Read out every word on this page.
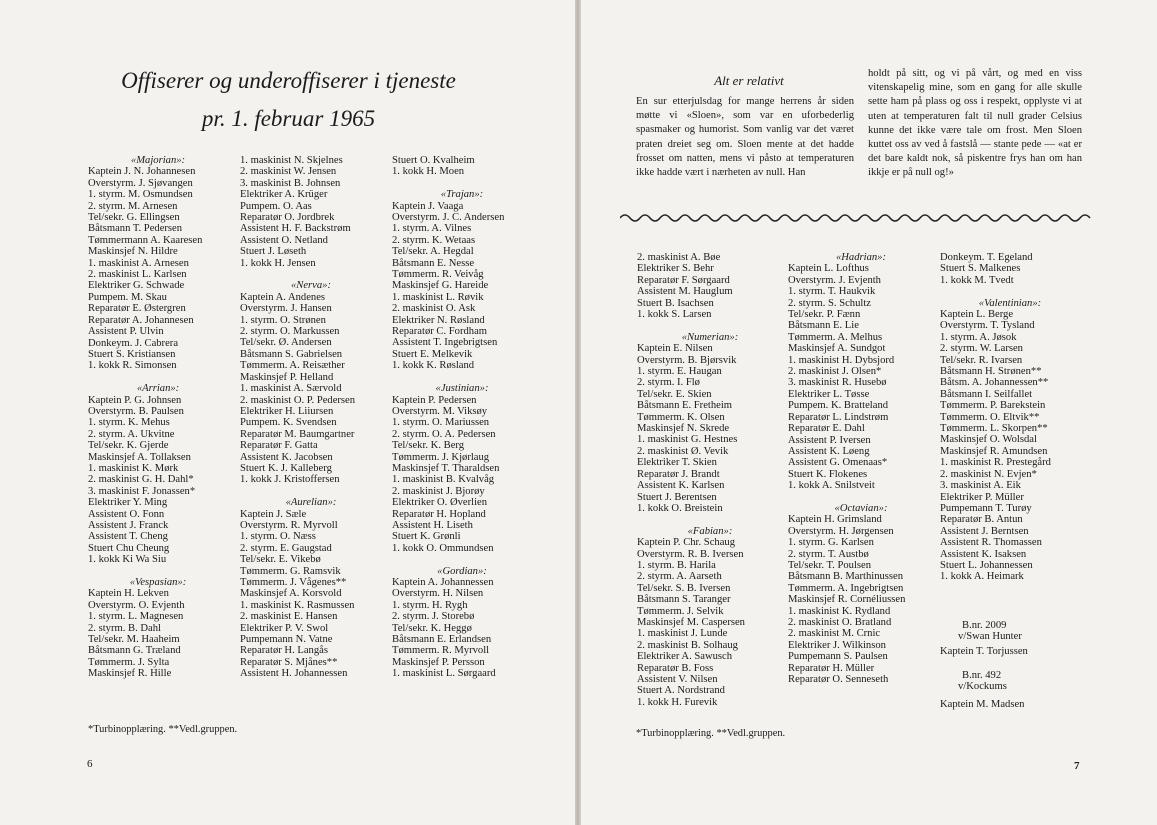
Offiserer og underoffiserer i tjeneste
pr. 1. februar 1965
«Majorian»:
Kaptein J. N. Johannesen
Overstyrm. J. Sjøvangen
1. styrm. M. Osmundsen
2. styrm. M. Arnesen
Tel/sekr. G. Ellingsen
Båtsmann T. Pedersen
Tømmermann A. Kaaresen
Maskinsjef N. Hildre
1. maskinist A. Arnesen
2. maskinist L. Karlsen
Elektriker G. Schwade
Pumpem. M. Skau
Reparatør E. Østergren
Reparatør A. Johannesen
Assistent P. Ulvin
Donkeym. J. Cabrera
Stuert S. Kristiansen
1. kokk R. Simonsen
«Arrian»:
Kaptein P. G. Johnsen
Overstyrm. B. Paulsen
1. styrm. K. Mehus
2. styrm. A. Ukvitne
Tel/sekr. K. Gjerde
Maskinsjef A. Tollaksen
1. maskinist K. Mørk
2. maskinist G. H. Dahl*
3. maskinist F. Jonassen*
Elektriker Y. Ming
Assistent O. Fonn
Assistent J. Franck
Assistent T. Cheng
Stuert Chu Cheung
1. kokk Ki Wa Siu
«Vespasian»:
Kaptein H. Lekven
Overstyrm. O. Evjenth
1. styrm. L. Magnesen
2. styrm. B. Dahl
Tel/sekr. M. Haaheim
Båtsmann G. Træland
Tømmerm. J. Sylta
Maskinsjef R. Hille
1. maskinist N. Skjelnes
2. maskinist W. Jensen
3. maskinist B. Johnsen
Elektriker A. Krüger
Pumpem. O. Aas
Reparatør O. Jordbrek
Assistent H. F. Backstrøm
Assistent O. Netland
Stuert J. Løseth
1. kokk H. Jensen
«Nerva»:
Kaptein A. Andenes
Overstyrm. J. Hansen
1. styrm. O. Strønen
2. styrm. O. Markussen
Tel/sekr. Ø. Andersen
Båtsmann S. Gabrielsen
Tømmerm. A. Reisæther
Maskinsjef P. Helland
1. maskinist A. Særvold
2. maskinist O. P. Pedersen
Elektriker H. Liiursen
Pumpem. K. Svendsen
Reparatør M. Baumgartner
Reparatør F. Gatta
Assistent K. Jacobsen
Stuert K. J. Kalleberg
1. kokk J. Kristoffersen
«Aurelian»:
Kaptein J. Sæle
Overstyrm. R. Myrvoll
1. styrm. O. Næss
2. styrm. E. Gaugstad
Tel/sekr. E. Vikebø
Tømmerm. G. Ramsvik
Tømmerm. J. Vågenes**
Maskinsjef A. Korsvold
1. maskinist K. Rasmussen
2. maskinist E. Hansen
Elektriker P. V. Swol
Pumpemann N. Vatne
Reparatør H. Langås
Reparatør S. Mjånes**
Assistent H. Johannessen
Stuert O. Kvalheim
1. kokk H. Moen
«Trajan»:
Kaptein J. Vaaga
Overstyrm. J. C. Andersen
1. styrm. A. Vilnes
2. styrm. K. Wetaas
Tel/sekr. A. Hegdal
Båtsmann E. Nesse
Tømmerm. R. Veivåg
Maskinsjef G. Hareide
1. maskinist L. Røvik
2. maskinist O. Ask
Elektriker N. Røsland
Reparatør C. Fordham
Assistent T. Ingebrigtsen
Stuert E. Melkevik
1. kokk K. Røsland
«Justinian»:
Kaptein P. Pedersen
Overstyrm. M. Viksøy
1. styrm. O. Mariussen
2. styrm. O. A. Pedersen
Tel/sekr. K. Berg
Tømmerm. J. Kjørlaug
Maskinsjef T. Tharaldsen
1. maskinist B. Kvalvåg
2. maskinist J. Bjorøy
Elektriker O. Øverlien
Reparatør H. Hopland
Assistent H. Liseth
Stuert K. Grønli
1. kokk O. Ommundsen
«Gordian»:
Kaptein A. Johannessen
Overstyrm. H. Nilsen
1. styrm. H. Rygh
2. styrm. J. Storebø
Tel/sekr. K. Heggø
Båtsmann E. Erlandsen
Tømmerm. R. Myrvoll
Maskinsjef P. Persson
1. maskinist L. Sørgaard
*Turbinopplæring. **Vedl.gruppen.
6
Alt er relativt
En sur etterjulsdag for mange herrens år siden møtte vi «Sloen», som var en uforbederlig spasmaker og humorist. Som vanlig var det været praten dreiet seg om. Sloen mente at det hadde frosset om natten, mens vi påsto at temperaturen ikke hadde vært i nærheten av null. Han
holdt på sitt, og vi på vårt, og med en viss vitenskapelig mine, som en gang for alle skulle sette ham på plass og oss i respekt, opplyste vi at uten at temperaturen falt til null grader Celsius kunne det ikke være tale om frost. Men Sloen kuttet oss av ved å fastslå — stante pede — «at er det bare kaldt nok, så piskentre frys han om han ikkje er på null og!»
2. maskinist A. Bøe
Elektriker S. Behr
Reparatør F. Sørgaard
Assistent M. Hauglum
Stuert B. Isachsen
1. kokk S. Larsen
«Numerian»:
Kaptein E. Nilsen
Overstyrm. B. Bjørsvik
1. styrm. E. Haugan
2. styrm. I. Flø
Tel/sekr. E. Skien
Båtsmann E. Fretheim
Tømmerm. K. Olsen
Maskinsjef N. Skrede
1. maskinist G. Hestnes
2. maskinist Ø. Vevik
Elektriker T. Skien
Reparatør J. Brandt
Assistent K. Karlsen
Stuert J. Berentsen
1. kokk O. Breistein
«Fabian»:
Kaptein P. Chr. Schaug
Overstyrm. R. B. Iversen
1. styrm. B. Harila
2. styrm. A. Aarseth
Tel/sekr. S. B. Iversen
Båtsmann S. Taranger
Tømmerm. J. Selvik
Maskinsjef M. Caspersen
1. maskinist J. Lunde
2. maskinist B. Solhaug
Elektriker A. Sawusch
Reparatør B. Foss
Assistent V. Nilsen
Stuert A. Nordstrand
1. kokk H. Furevik
«Hadrian»:
Kaptein L. Lofthus
Overstyrm. J. Evjenth
1. styrm. T. Haukvik
2. styrm. S. Schultz
Tel/sekr. P. Fænn
Båtsmann E. Lie
Tømmerm. A. Melhus
Maskinsjef A. Sundgot
1. maskinist H. Dybsjord
2. maskinist J. Olsen*
3. maskinist R. Husebø
Elektriker L. Tøsse
Pumpem. K. Bratteland
Reparatør L. Lindstrøm
Reparatør E. Dahl
Assistent P. Iversen
Assistent K. Løeng
Assistent G. Omenaas*
Stuert K. Flokenes
1. kokk A. Snilstveit
«Octavian»:
Kaptein H. Grimsland
Overstyrm. H. Jørgensen
1. styrm. G. Karlsen
2. styrm. T. Austbø
Tel/sekr. T. Poulsen
Båtsmann B. Marthinussen
Tømmerm. A. Ingebrigtsen
Maskinsjef R. Cornéliussen
1. maskinist K. Rydland
2. maskinist O. Bratland
2. maskinist M. Crnic
Elektriker J. Wilkinson
Pumpemann S. Paulsen
Reparatør H. Müller
Reparatør O. Senneseth
Donkeym. T. Egeland
Stuert S. Malkenes
1. kokk M. Tvedt
«Valentinian»:
Kaptein L. Berge
Overstyrm. T. Tysland
1. styrm. A. Jøsok
2. styrm. W. Larsen
Tel/sekr. R. Ivarsen
Båtsmann H. Strønen**
Båtsm. A. Johannessen**
Båtsmann I. Seilfallet
Tømmerm. P. Barekstein
Tømmerm. O. Eltvik**
Tømmerm. L. Skorpen**
Maskinsjef O. Wolsdal
Maskinsjef R. Amundsen
1. maskinist R. Prestegård
2. maskinist N. Evjen*
3. maskinist A. Eik
Elektriker P. Müller
Pumpemann T. Turøy
Reparatør B. Antun
Assistent J. Berntsen
Assistent R. Thomassen
Assistent K. Isaksen
Stuert L. Johannessen
1. kokk A. Heimark
B.nr. 2009
v/Swan Hunter
Kaptein T. Torjussen
B.nr. 492
v/Kockums
Kaptein M. Madsen
*Turbinopplæring. **Vedl.gruppen.
7
